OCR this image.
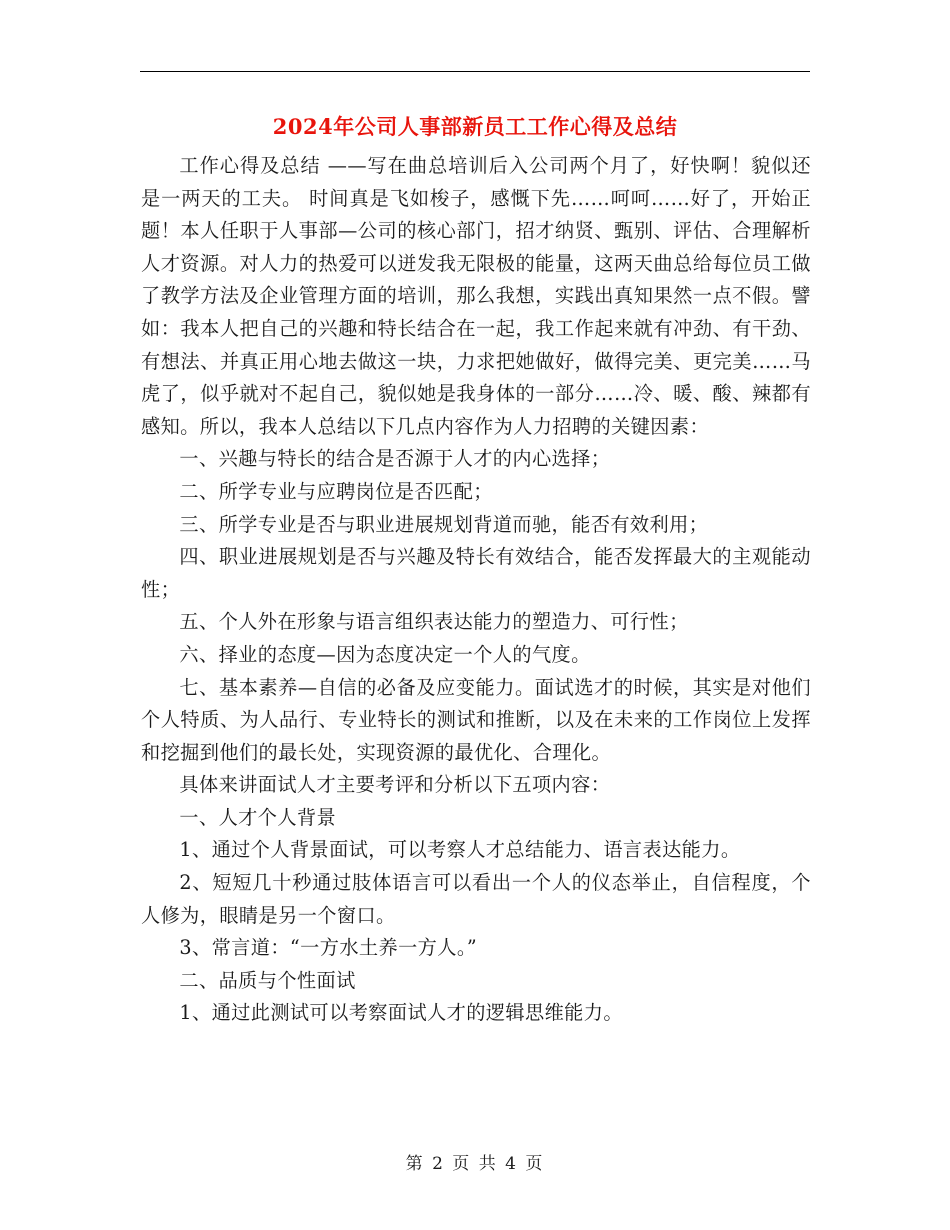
2024年公司人事部新员工工作心得及总结

工作心得及总结 ——写在曲总培训后入公司两个月了，好快啊！貌似还是一两天的工夫。 时间真是飞如梭子，感慨下先……呵呵……好了，开始正题！本人任职于人事部—公司的核心部门，招才纳贤、甄别、评估、合理解析人才资源。对人力的热爱可以迸发我无限极的能量，这两天曲总给每位员工做了教学方法及企业管理方面的培训，那么我想，实践出真知果然一点不假。譬如：我本人把自己的兴趣和特长结合在一起，我工作起来就有冲劲、有干劲、有想法、并真正用心地去做这一块，力求把她做好，做得完美、更完美……马虎了，似乎就对不起自己，貌似她是我身体的一部分……冷、暖、酸、辣都有感知。所以，我本人总结以下几点内容作为人力招聘的关键因素：

一、兴趣与特长的结合是否源于人才的内心选择；

二、所学专业与应聘岗位是否匹配；

三、所学专业是否与职业进展规划背道而驰，能否有效利用；

四、职业进展规划是否与兴趣及特长有效结合，能否发挥最大的主观能动性；

五、个人外在形象与语言组织表达能力的塑造力、可行性；

六、择业的态度—因为态度决定一个人的气度。

七、基本素养—自信的必备及应变能力。面试选才的时候，其实是对他们个人特质、为人品行、专业特长的测试和推断，以及在未来的工作岗位上发挥和挖掘到他们的最长处，实现资源的最优化、合理化。

具体来讲面试人才主要考评和分析以下五项内容：

一、人才个人背景

1、通过个人背景面试，可以考察人才总结能力、语言表达能力。

2、短短几十秒通过肢体语言可以看出一个人的仪态举止，自信程度，个人修为，眼睛是另一个窗口。

3、常言道：“一方水土养一方人。”

二、品质与个性面试

1、通过此测试可以考察面试人才的逻辑思维能力。

第 2 页 共 4 页
